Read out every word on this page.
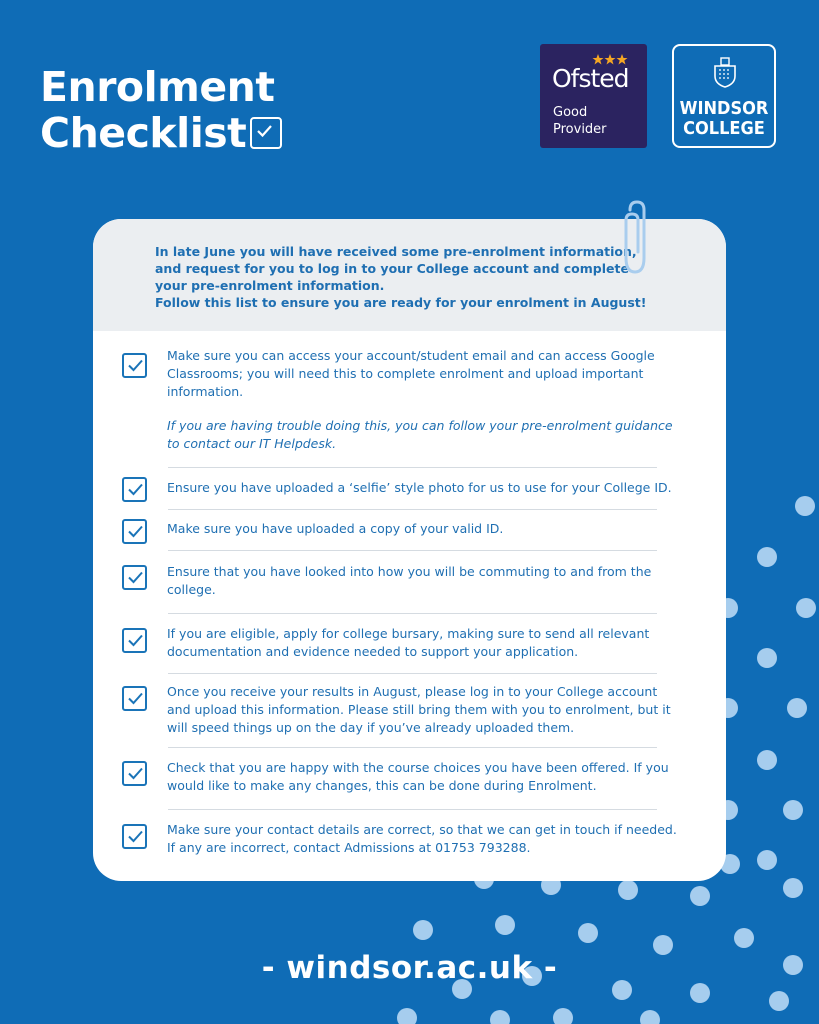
Enrolment
Checklist
Ofsted
Good
Provider
WINDSOR
COLLEGE

In late June you will have received some pre-enrolment information,

and request for you to log in to your College account and complete

your pre-enrolment information.

Follow this list to ensure you are ready for your enrolment in August!

Make sure you can access your account/student email and can access Google Classrooms; you will need this to complete enrolment and upload important information.

If you are having trouble doing this, you can follow your pre-enrolment guidance to contact our IT Helpdesk.

Ensure you have uploaded a ‘selfie’ style photo for us to use for your College ID.

Make sure you have uploaded a copy of your valid ID.

Ensure that you have looked into how you will be commuting to and from the college.

If you are eligible, apply for college bursary, making sure to send all relevant documentation and evidence needed to support your application.

Once you receive your results in August, please log in to your College account and upload this information. Please still bring them with you to enrolment, but it will speed things up on the day if you’ve already uploaded them.

Check that you are happy with the course choices you have been offered. If you would like to make any changes, this can be done during Enrolment.

Make sure your contact details are correct, so that we can get in touch if needed. If any are incorrect, contact Admissions at 01753 793288.

- windsor.ac.uk -
